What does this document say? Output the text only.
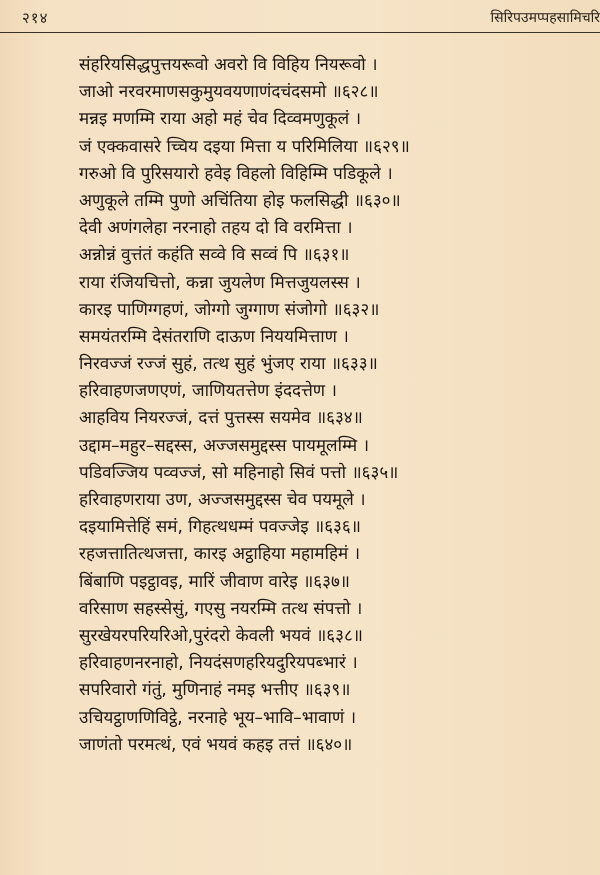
२१४	सिरिपउमप्पहसामिचरि
संहरियसिद्धपुत्तयरूवो अवरो वि विहिय नियरूवो ।
जाओ नरवरमाणसकुमुयवयणाणंदचंदसमो ॥६२८॥
मन्नइ मणम्मि राया अहो महं चेव दिव्वमणुकूलं ।
जं एक्कवासरे च्चिय दइया मित्ता य परिमिलिया ॥६२९॥
गरुओ वि पुरिसयारो हवेइ विहलो विहिम्मि पडिकूले ।
अणुकूले तम्मि पुणो अचिंतिया होइ फलसिद्धी ॥६३०॥
देवी अणंगलेहा नरनाहो तहय दो वि वरमित्ता ।
अन्नोन्नं वुत्तंतं कहंति सव्वे वि सव्वं पि ॥६३१॥
राया रंजियचित्तो, कन्ना जुयलेण मित्तजुयलस्स ।
कारइ पाणिग्गहणं, जोग्गो जुग्गाण संजोगो ॥६३२॥
समयंतरम्मि देसंतराणि दाऊण निययमित्ताण ।
निरवज्जं रज्जं सुहं, तत्थ सुहं भुंजए राया ॥६३३॥
हरिवाहणजणएणं, जाणियतत्तेण इंददत्तेण ।
आहविय नियरज्जं, दत्तं पुत्तस्स सयमेव ॥६३४॥
उद्दाम–महुर–सद्दस्स, अज्जसमुद्दस्स पायमूलम्मि ।
पडिवज्जिय पव्वज्जं, सो महिनाहो सिवं पत्तो ॥६३५॥
हरिवाहणराया उण, अज्जसमुद्दस्स चेव पयमूले ।
दइयामित्तेहिं समं, गिहत्थधम्मं पवज्जेइ ॥६३६॥
रहजत्तातित्थजत्ता, कारइ अट्ठाहिया महामहिमं ।
बिंबाणि पइट्ठावइ, मारिं जीवाण वारेइ ॥६३७॥
वरिसाण सहस्सेसुं, गएसु नयरम्मि तत्थ संपत्तो ।
सुरखेयरपरियरिओ,पुरंदरो केवली भयवं ॥६३८॥
हरिवाहणनरनाहो, नियदंसणहरियदुरियपब्भारं ।
सपरिवारो गंतुं, मुणिनाहं नमइ भत्तीए ॥६३९॥
उचियट्ठाणणिविट्ठे, नरनाहे भूय–भावि–भावाणं ।
जाणंतो परमत्थं, एवं भयवं कहइ तत्तं ॥६४०॥
